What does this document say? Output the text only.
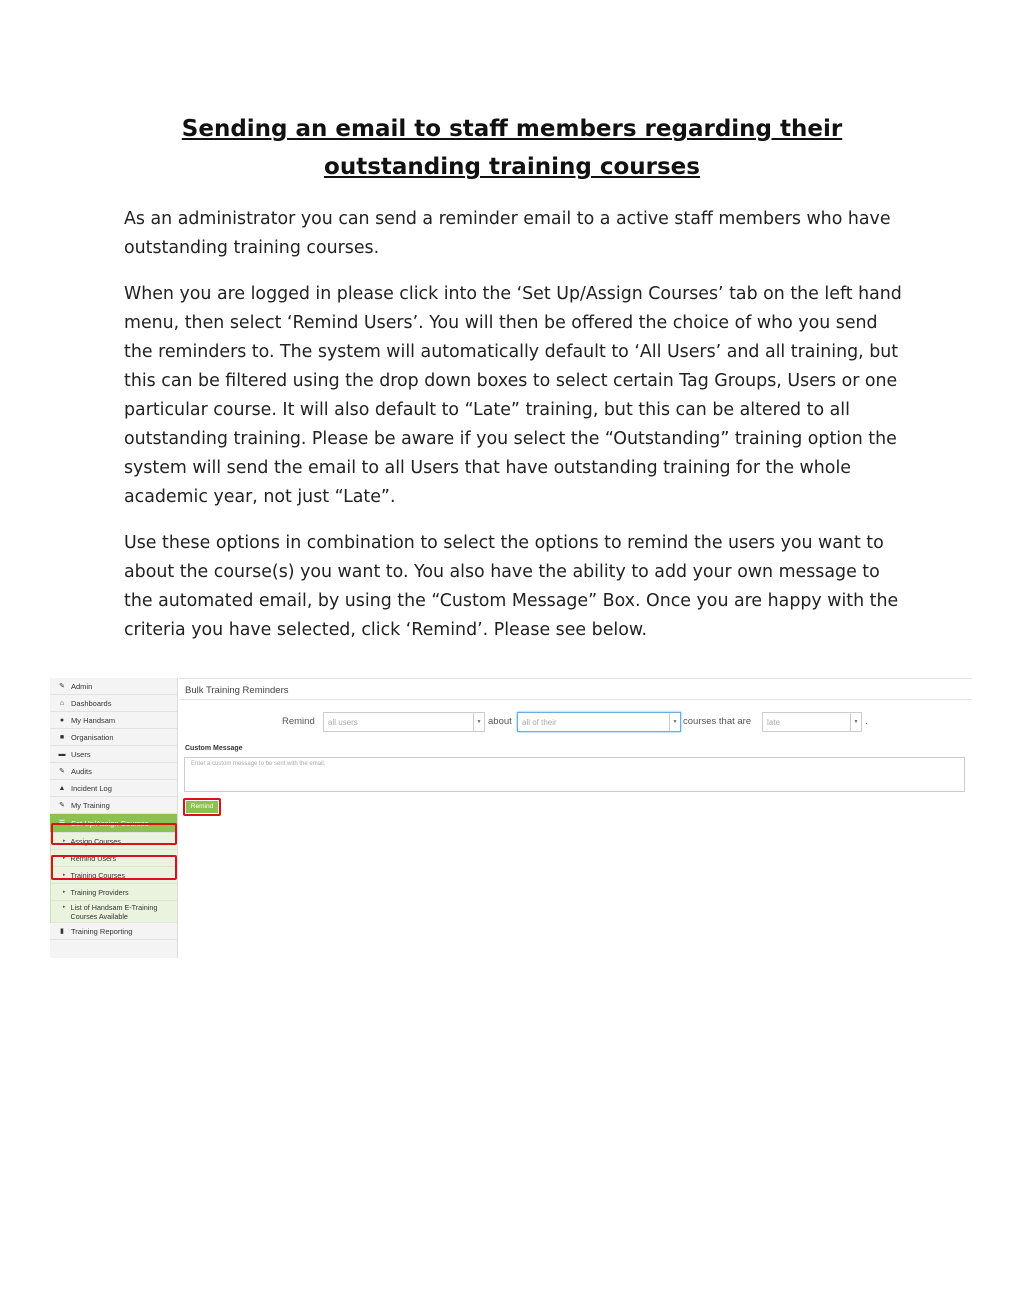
Sending an email to staff members regarding their
outstanding training courses

As an administrator you can send a reminder email to a active staff members who have outstanding training courses.

When you are logged in please click into the ‘Set Up/Assign Courses’ tab on the left hand menu, then select ‘Remind Users’. You will then be offered the choice of who you send the reminders to. The system will automatically default to ‘All Users’ and all training, but this can be filtered using the drop down boxes to select certain Tag Groups, Users or one particular course. It will also default to “Late” training, but this can be altered to all outstanding training. Please be aware if you select the “Outstanding” training option the system will send the email to all Users that have outstanding training for the whole academic year, not just “Late”.

Use these options in combination to select the options to remind the users you want to about the course(s) you want to. You also have the ability to add your own message to the automated email, by using the “Custom Message” Box. Once you are happy with the criteria you have selected, click ‘Remind’. Please see below.

✎ Admin
⌂ Dashboards
● My Handsam
■ Organisation
▬ Users
✎ Audits
▲ Incident Log
✎ My Training
☰ Set Up/Assign Courses
▸ Assign Courses
▸ Remind Users
▸ Training Courses
▸ Training Providers
▸ List of Handsam E-Training Courses Available
▮ Training Reporting
Bulk Training Reminders
Remind	all users	▼ about	all of their	▼ courses that are	late	▼ .
Custom Message
Enter a custom message to be sent with the email.
Remind
